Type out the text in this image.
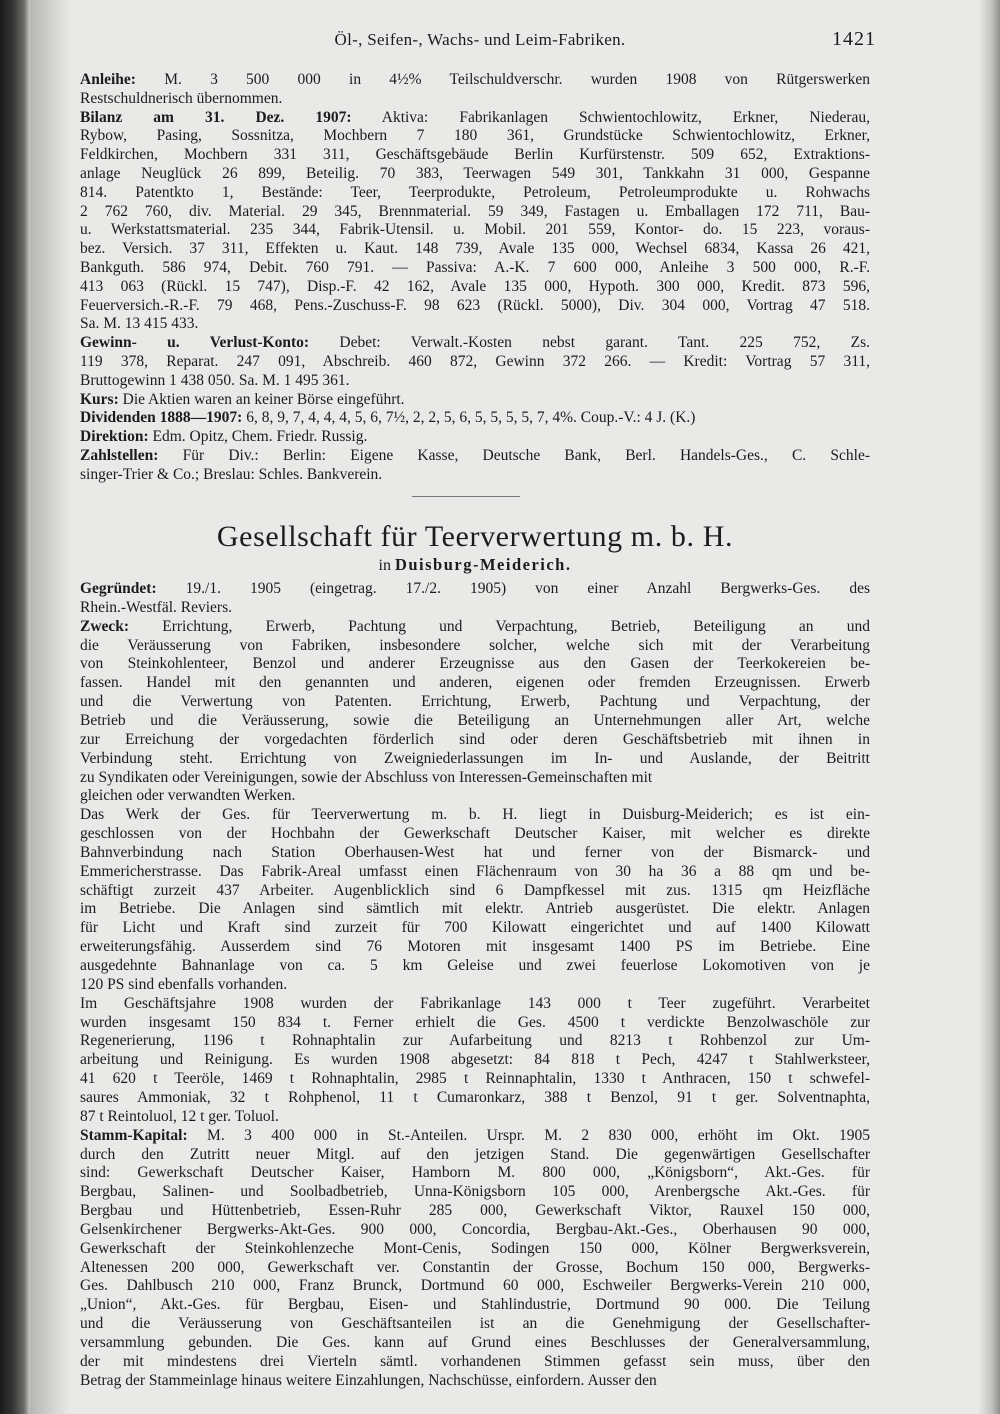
Öl-, Seifen-, Wachs- und Leim-Fabriken.	1421
Anleihe: M. 3 500 000 in 4½% Teilschuldverschr. wurden 1908 von Rütgerswerken
Restschuldnerisch übernommen.
Bilanz am 31. Dez. 1907: Aktiva: Fabrikanlagen Schwientochlowitz, Erkner, Niederau,
Rybow, Pasing, Sossnitza, Mochbern 7 180 361, Grundstücke Schwientochlowitz, Erkner,
Feldkirchen, Mochbern 331 311, Geschäftsgebäude Berlin Kurfürstenstr. 509 652, Extraktions-
anlage Neuglück 26 899, Beteilig. 70 383, Teerwagen 549 301, Tankkahn 31 000, Gespanne
814. Patentkto 1, Bestände: Teer, Teerprodukte, Petroleum, Petroleumprodukte u. Rohwachs
2 762 760, div. Material. 29 345, Brennmaterial. 59 349, Fastagen u. Emballagen 172 711, Bau-
u. Werkstattsmaterial. 235 344, Fabrik-Utensil. u. Mobil. 201 559, Kontor- do. 15 223, voraus-
bez. Versich. 37 311, Effekten u. Kaut. 148 739, Avale 135 000, Wechsel 6834, Kassa 26 421,
Bankguth. 586 974, Debit. 760 791. — Passiva: A.-K. 7 600 000, Anleihe 3 500 000, R.-F.
413 063 (Rückl. 15 747), Disp.-F. 42 162, Avale 135 000, Hypoth. 300 000, Kredit. 873 596,
Feuerversich.-R.-F. 79 468, Pens.-Zuschuss-F. 98 623 (Rückl. 5000), Div. 304 000, Vortrag 47 518.
Sa. M. 13 415 433.
Gewinn- u. Verlust-Konto: Debet: Verwalt.-Kosten nebst garant. Tant. 225 752, Zs.
119 378, Reparat. 247 091, Abschreib. 460 872, Gewinn 372 266. — Kredit: Vortrag 57 311,
Bruttogewinn 1 438 050. Sa. M. 1 495 361.
Kurs: Die Aktien waren an keiner Börse eingeführt.
Dividenden 1888—1907: 6, 8, 9, 7, 4, 4, 4, 5, 6, 7½, 2, 2, 5, 6, 5, 5, 5, 5, 7, 4%. Coup.-V.: 4 J. (K.)
Direktion: Edm. Opitz, Chem. Friedr. Russig.
Zahlstellen: Für Div.: Berlin: Eigene Kasse, Deutsche Bank, Berl. Handels-Ges., C. Schle-
singer-Trier & Co.; Breslau: Schles. Bankverein.
Gesellschaft für Teerverwertung m. b. H.
in Duisburg-Meiderich.
Gegründet: 19./1. 1905 (eingetrag. 17./2. 1905) von einer Anzahl Bergwerks-Ges. des
Rhein.-Westfäl. Reviers.
Zweck: Errichtung, Erwerb, Pachtung und Verpachtung, Betrieb, Beteiligung an und
die Veräusserung von Fabriken, insbesondere solcher, welche sich mit der Verarbeitung
von Steinkohlenteer, Benzol und anderer Erzeugnisse aus den Gasen der Teerkokereien be-
fassen. Handel mit den genannten und anderen, eigenen oder fremden Erzeugnissen. Erwerb
und die Verwertung von Patenten. Errichtung, Erwerb, Pachtung und Verpachtung, der
Betrieb und die Veräusserung, sowie die Beteiligung an Unternehmungen aller Art, welche
zur Erreichung der vorgedachten förderlich sind oder deren Geschäftsbetrieb mit ihnen in
Verbindung steht. Errichtung von Zweigniederlassungen im In- und Auslande, der Beitritt
zu Syndikaten oder Vereinigungen, sowie der Abschluss von Interessen-Gemeinschaften mit
gleichen oder verwandten Werken.
Das Werk der Ges. für Teerverwertung m. b. H. liegt in Duisburg-Meiderich; es ist ein-
geschlossen von der Hochbahn der Gewerkschaft Deutscher Kaiser, mit welcher es direkte
Bahnverbindung nach Station Oberhausen-West hat und ferner von der Bismarck- und
Emmericherstrasse. Das Fabrik-Areal umfasst einen Flächenraum von 30 ha 36 a 88 qm und be-
schäftigt zurzeit 437 Arbeiter. Augenblicklich sind 6 Dampfkessel mit zus. 1315 qm Heizfläche
im Betriebe. Die Anlagen sind sämtlich mit elektr. Antrieb ausgerüstet. Die elektr. Anlagen
für Licht und Kraft sind zurzeit für 700 Kilowatt eingerichtet und auf 1400 Kilowatt
erweiterungsfähig. Ausserdem sind 76 Motoren mit insgesamt 1400 PS im Betriebe. Eine
ausgedehnte Bahnanlage von ca. 5 km Geleise und zwei feuerlose Lokomotiven von je
120 PS sind ebenfalls vorhanden.
Im Geschäftsjahre 1908 wurden der Fabrikanlage 143 000 t Teer zugeführt. Verarbeitet
wurden insgesamt 150 834 t. Ferner erhielt die Ges. 4500 t verdickte Benzolwaschöle zur
Regenerierung, 1196 t Rohnaphtalin zur Aufarbeitung und 8213 t Rohbenzol zur Um-
arbeitung und Reinigung. Es wurden 1908 abgesetzt: 84 818 t Pech, 4247 t Stahlwerksteer,
41 620 t Teeröle, 1469 t Rohnaphtalin, 2985 t Reinnaphtalin, 1330 t Anthracen, 150 t schwefel-
saures Ammoniak, 32 t Rohphenol, 11 t Cumaronkarz, 388 t Benzol, 91 t ger. Solventnaphta,
87 t Reintoluol, 12 t ger. Toluol.
Stamm-Kapital: M. 3 400 000 in St.-Anteilen. Urspr. M. 2 830 000, erhöht im Okt. 1905
durch den Zutritt neuer Mitgl. auf den jetzigen Stand. Die gegenwärtigen Gesellschafter
sind: Gewerkschaft Deutscher Kaiser, Hamborn M. 800 000, „Königsborn“, Akt.-Ges. für
Bergbau, Salinen- und Soolbadbetrieb, Unna-Königsborn 105 000, Arenbergsche Akt.-Ges. für
Bergbau und Hüttenbetrieb, Essen-Ruhr 285 000, Gewerkschaft Viktor, Rauxel 150 000,
Gelsenkirchener Bergwerks-Akt-Ges. 900 000, Concordia, Bergbau-Akt.-Ges., Oberhausen 90 000,
Gewerkschaft der Steinkohlenzeche Mont-Cenis, Sodingen 150 000, Kölner Bergwerksverein,
Altenessen 200 000, Gewerkschaft ver. Constantin der Grosse, Bochum 150 000, Bergwerks-
Ges. Dahlbusch 210 000, Franz Brunck, Dortmund 60 000, Eschweiler Bergwerks-Verein 210 000,
„Union“, Akt.-Ges. für Bergbau, Eisen- und Stahlindustrie, Dortmund 90 000. Die Teilung
und die Veräusserung von Geschäftsanteilen ist an die Genehmigung der Gesellschafter-
versammlung gebunden. Die Ges. kann auf Grund eines Beschlusses der Generalversammlung,
der mit mindestens drei Vierteln sämtl. vorhandenen Stimmen gefasst sein muss, über den
Betrag der Stammeinlage hinaus weitere Einzahlungen, Nachschüsse, einfordern. Ausser den
